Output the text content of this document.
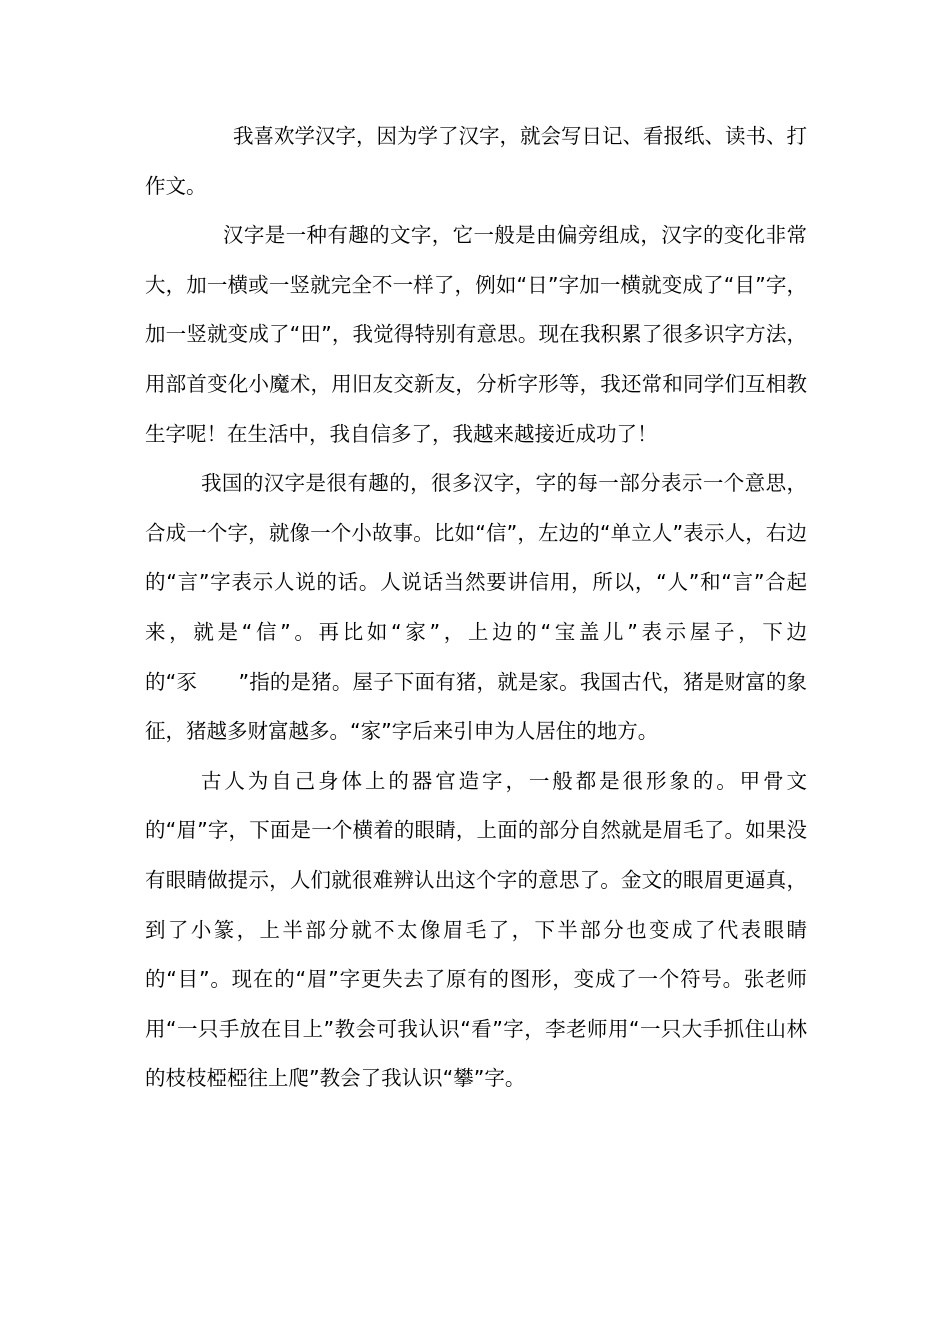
我喜欢学汉字，因为学了汉字，就会写日记、看报纸、读书、打作文。

汉字是一种有趣的文字，它一般是由偏旁组成，汉字的变化非常大，加一横或一竖就完全不一样了，例如“日”字加一横就变成了“目”字，加一竖就变成了“田”，我觉得特别有意思。现在我积累了很多识字方法，用部首变化小魔术，用旧友交新友，分析字形等，我还常和同学们互相教生字呢！在生活中，我自信多了，我越来越接近成功了！

我国的汉字是很有趣的，很多汉字，字的每一部分表示一个意思，合成一个字，就像一个小故事。比如“信”，左边的“单立人”表示人，右边的“言”字表示人说的话。人说话当然要讲信用，所以，“人”和“言”合起来，就是“信”。再比如“家”，上边的“宝盖儿”表示屋子，下边的“豕　　”指的是猪。屋子下面有猪，就是家。我国古代，猪是财富的象征，猪越多财富越多。“家”字后来引申为人居住的地方。

古人为自己身体上的器官造字，一般都是很形象的。甲骨文的“眉”字，下面是一个横着的眼睛，上面的部分自然就是眉毛了。如果没有眼睛做提示，人们就很难辨认出这个字的意思了。金文的眼眉更逼真，到了小篆，上半部分就不太像眉毛了，下半部分也变成了代表眼睛的“目”。现在的“眉”字更失去了原有的图形，变成了一个符号。张老师用“一只手放在目上”教会可我认识“看”字，李老师用“一只大手抓住山林的枝枝椏椏往上爬”教会了我认识“攀”字。
